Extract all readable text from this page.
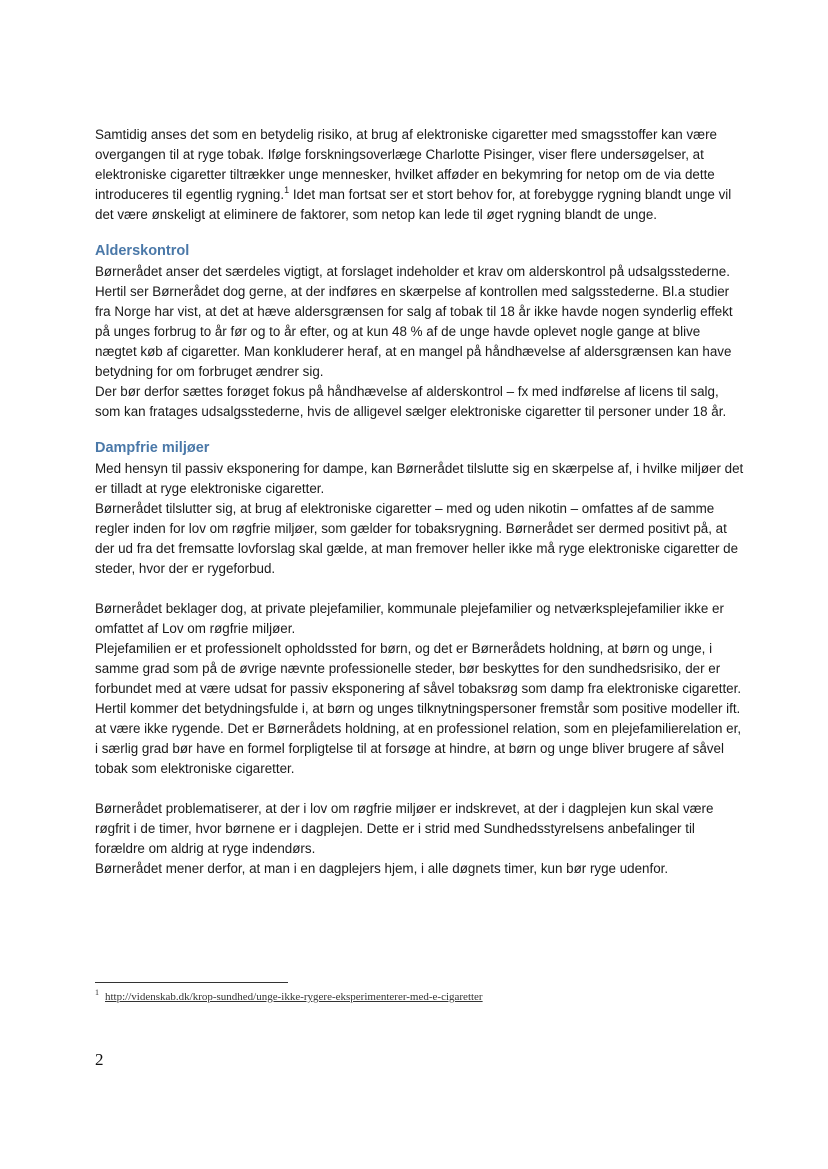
Samtidig anses det som en betydelig risiko, at brug af elektroniske cigaretter med smagsstoffer kan være overgangen til at ryge tobak. Ifølge forskningsoverlæge Charlotte Pisinger, viser flere undersøgelser, at elektroniske cigaretter tiltrækker unge mennesker, hvilket afføder en bekymring for netop om de via dette introduceres til egentlig rygning.$^1$ Idet man fortsat ser et stort behov for, at forebygge rygning blandt unge vil det være ønskeligt at eliminere de faktorer, som netop kan lede til øget rygning blandt de unge.

Alderskontrol

Børnerådet anser det særdeles vigtigt, at forslaget indeholder et krav om alderskontrol på udsalgsstederne. Hertil ser Børnerådet dog gerne, at der indføres en skærpelse af kontrollen med salgsstederne. Bl.a studier fra Norge har vist, at det at hæve aldersgrænsen for salg af tobak til 18 år ikke havde nogen synderlig effekt på unges forbrug to år før og to år efter, og at kun 48 % af de unge havde oplevet nogle gange at blive nægtet køb af cigaretter. Man konkluderer heraf, at en mangel på håndhævelse af aldersgrænsen kan have betydning for om forbruget ændrer sig.

Der bør derfor sættes forøget fokus på håndhævelse af alderskontrol – fx med indførelse af licens til salg, som kan fratages udsalgsstederne, hvis de alligevel sælger elektroniske cigaretter til personer under 18 år.

Dampfrie miljøer

Med hensyn til passiv eksponering for dampe, kan Børnerådet tilslutte sig en skærpelse af, i hvilke miljøer det er tilladt at ryge elektroniske cigaretter.

Børnerådet tilslutter sig, at brug af elektroniske cigaretter – med og uden nikotin – omfattes af de samme regler inden for lov om røgfrie miljøer, som gælder for tobaksrygning. Børnerådet ser dermed positivt på, at der ud fra det fremsatte lovforslag skal gælde, at man fremover heller ikke må ryge elektroniske cigaretter de steder, hvor der er rygeforbud.

Børnerådet beklager dog, at private plejefamilier, kommunale plejefamilier og netværksplejefamilier ikke er omfattet af Lov om røgfrie miljøer.

Plejefamilien er et professionelt opholdssted for børn, og det er Børnerådets holdning, at børn og unge, i samme grad som på de øvrige nævnte professionelle steder, bør beskyttes for den sundhedsrisiko, der er forbundet med at være udsat for passiv eksponering af såvel tobaksrøg som damp fra elektroniske cigaretter. Hertil kommer det betydningsfulde i, at børn og unges tilknytningspersoner fremstår som positive modeller ift. at være ikke rygende. Det er Børnerådets holdning, at en professionel relation, som en plejefamilierelation er, i særlig grad bør have en formel forpligtelse til at forsøge at hindre, at børn og unge bliver brugere af såvel tobak som elektroniske cigaretter.

Børnerådet problematiserer, at der i lov om røgfrie miljøer er indskrevet, at der i dagplejen kun skal være røgfrit i de timer, hvor børnene er i dagplejen. Dette er i strid med Sundhedsstyrelsens anbefalinger til forældre om aldrig at ryge indendørs.

Børnerådet mener derfor, at man i en dagplejers hjem, i alle døgnets timer, kun bør ryge udenfor.

$^1$ http://videnskab.dk/krop-sundhed/unge-ikke-rygere-eksperimenterer-med-e-cigaretter
2
